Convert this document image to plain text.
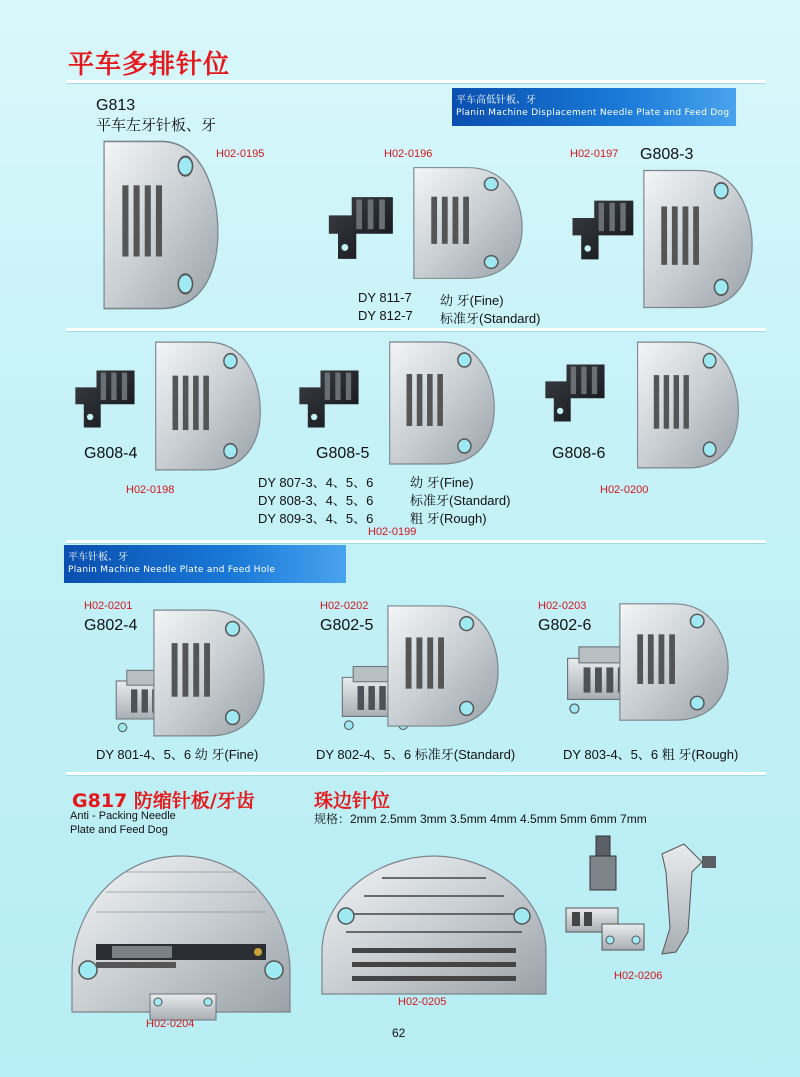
平车多排针位
平车高低针板、牙
Planin Machine Displacement Needle Plate and Feed Dog
G813
平车左牙针板、牙
H02-0195	H02-0196
DY 811-7 幼 牙(Fine)
DY 812-7 标准牙(Standard)
H02-0197 G808-3
G808-4
H02-0198
G808-5	G808-6
H02-0200
DY 807-3、4、5、6	幼 牙(Fine)
DY 808-3、4、5、6	标准牙(Standard)
DY 809-3、4、5、6	粗 牙(Rough)
H02-0199
平车针板、牙
Planin Machine Needle Plate and Feed Hole
H02-0201
G802-4
DY 801-4、5、6 幼 牙(Fine)
H02-0202
G802-5
DY 802-4、5、6 标准牙(Standard)
H02-0203
G802-6
DY 803-4、5、6 粗 牙(Rough)
G817 防缩针板/牙齿
Anti - Packing Needle
Plate and Feed Dog
H02-0204
珠边针位
规格：2mm 2.5mm 3mm 3.5mm 4mm 4.5mm 5mm 6mm 7mm
H02-0205
H02-0206
62
